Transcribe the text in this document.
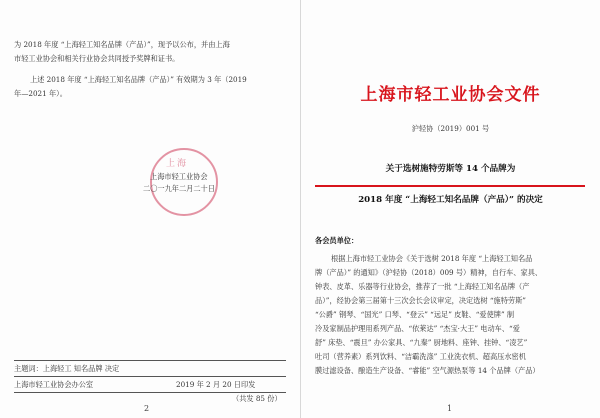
为 2018 年度 “上海轻工知名品牌（产品）”，现予以公布，并由上海
市轻工业协会和相关行业协会共同授予奖牌和证书。
上述 2018 年度 “上海轻工知名品牌（产品）” 有效期为 3 年（2019
年—2021 年）。
上海
上海市轻工业协会
二〇一九年二月二十日
主题词：上海轻工 知名品牌 决定
上海市轻工业协会办公室	2019 年 2 月 20 日印发
（共发 85 份）
2
上海市轻工业协会文件
沪轻协（2019）001 号
关于选树施特劳斯等 14 个品牌为
2018 年度 “上海轻工知名品牌（产品）” 的决定
各会员单位：
根据上海市轻工业协会《关于选树 2018 年度 “上海轻工知名品
牌（产品）” 的通知》（沪轻协（2018）009 号）精神，自行车、家具、
钟表、皮革、乐器等行业协会，推荐了一批 “上海轻工知名品牌（产
品）”，经协会第三届第十三次会长会议审定，决定选树 “施特劳斯”
“公爵” 钢琴、“国光” 口琴、“登云” “远足” 皮鞋、“爱使牌” 制
冷及家制品护理用系列产品、“依莱达” “杰宝·大王” 电动车、“爱
舒” 床垫、“震旦” 办公家具、“九秦” 厨地料、座钟、挂钟、“凌艺”
吐司（营养素）系列饮料、“洁霸洗涤” 工业洗衣机、超高压水密机
膜过滤设备、酿造生产设备、“睿能” 空气源热泵等 14 个品牌（产品）
1
